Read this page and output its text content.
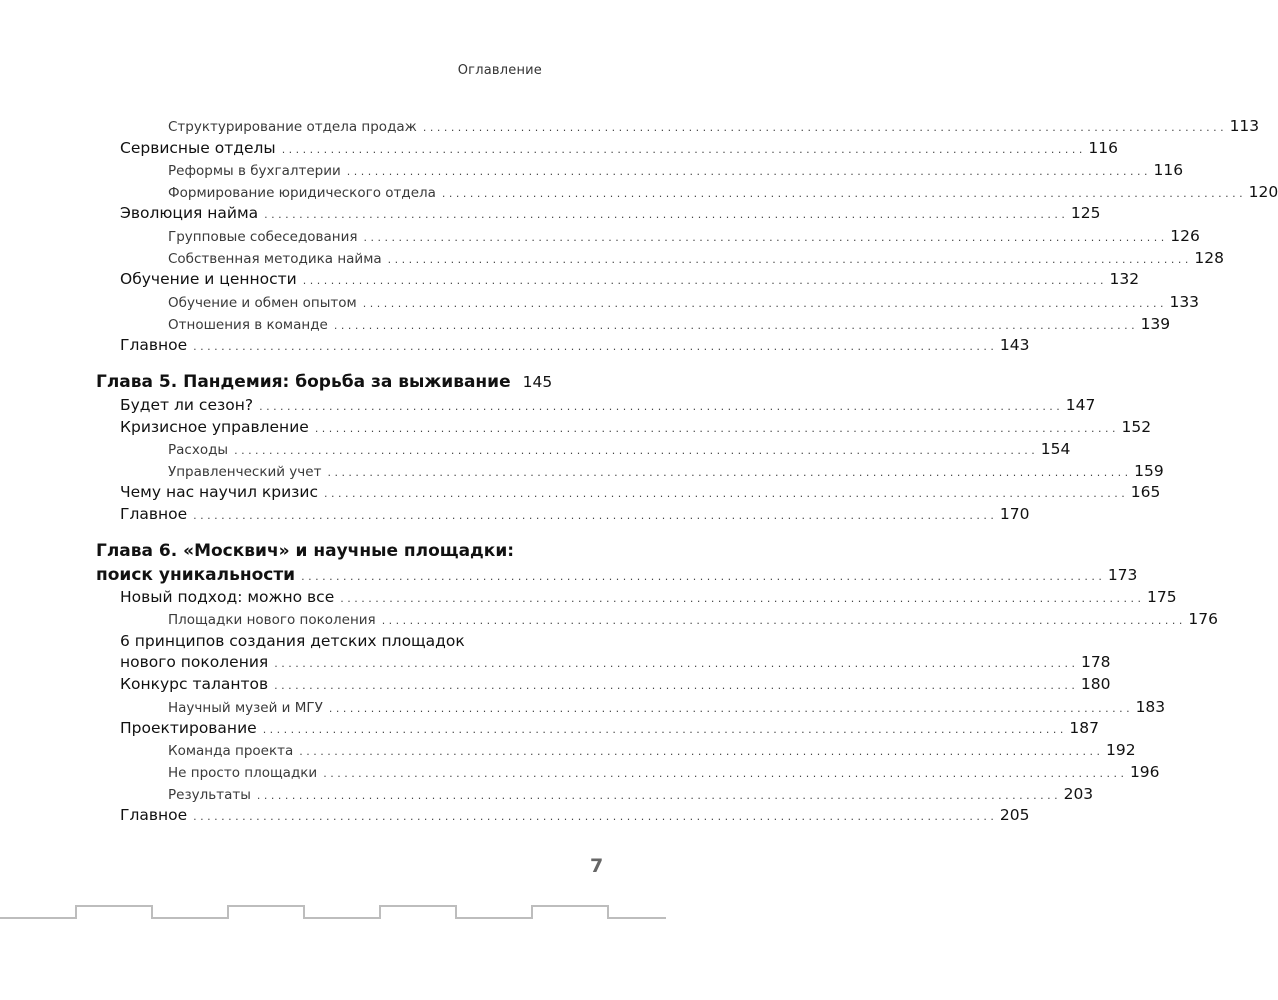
Оглавление
Структурирование отдела продаж . . .	113
Сервисные отделы . . .	116
Реформы в бухгалтерии . . .	116
Формирование юридического отдела . . .	120
Эволюция найма . . .	125
Групповые собеседования . . .	126
Собственная методика найма . . .	128
Обучение и ценности . . .	132
Обучение и обмен опытом . . .	133
Отношения в команде . . .	139
Главное . . .	143
Глава 5. Пандемия: борьба за выживание 145
Будет ли сезон? . . .	147
Кризисное управление . . .	152
Расходы . . .	154
Управленческий учет . . .	159
Чему нас научил кризис . . .	165
Главное . . .	170
Глава 6. «Москвич» и научные площадки:
поиск уникальности . . .	173
Новый подход: можно все . . .	175
Площадки нового поколения . . .	176
6 принципов создания детских площадок
нового поколения . . .	178
Конкурс талантов . . .	180
Научный музей и МГУ . . .	183
Проектирование . . .	187
Команда проекта . . .	192
Не просто площадки . . .	196
Результаты . . .	203
Главное . . .	205
7
